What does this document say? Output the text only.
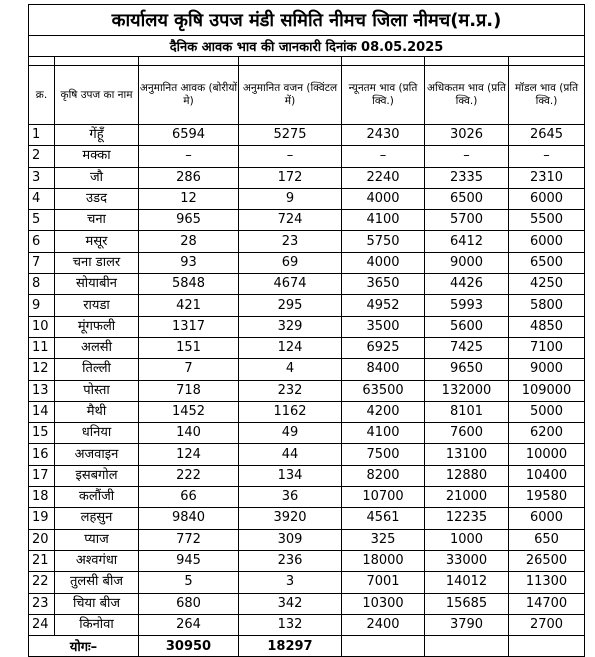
कार्यालय कृषि उपज मंडी समिति नीमच जिला नीमच(म.प्र.)						
दैनिक आवक भाव की जानकारी दिनांक 08.05.2025						

क्र.	कृषि उपज का नाम	अनुमानित आवक (बोरीयों मे)	अनुमानित वजन (क्विंटल में)	न्यूनतम भाव (प्रति क्वि.)	अधिकतम भाव (प्रति क्वि.)	मॉडल भाव (प्रति क्वि.)
1	गेंहूँ	6594	5275	2430	3026	2645
2	मक्का	–	–	–	–	–
3	जौ	286	172	2240	2335	2310
4	उडद	12	9	4000	6500	6000
5	चना	965	724	4100	5700	5500
6	मसूर	28	23	5750	6412	6000
7	चना डालर	93	69	4000	9000	6500
8	सोयाबीन	5848	4674	3650	4426	4250
9	रायडा	421	295	4952	5993	5800
10	मूंगफली	1317	329	3500	5600	4850
11	अलसी	151	124	6925	7425	7100
12	तिल्ली	7	4	8400	9650	9000
13	पोस्ता	718	232	63500	132000	109000
14	मैथी	1452	1162	4200	8101	5000
15	धनिया	140	49	4100	7600	6200
16	अजवाइन	124	44	7500	13100	10000
17	इसबगोल	222	134	8200	12880	10400
18	कलौंजी	66	36	10700	21000	19580
19	लहसुन	9840	3920	4561	12235	6000
20	प्याज	772	309	325	1000	650
21	अश्वगंधा	945	236	18000	33000	26500
22	तुलसी बीज	5	3	7001	14012	11300
23	चिया बीज	680	342	10300	15685	14700
24	किनोवा	264	132	2400	3790	2700
योगः–		30950	18297			
